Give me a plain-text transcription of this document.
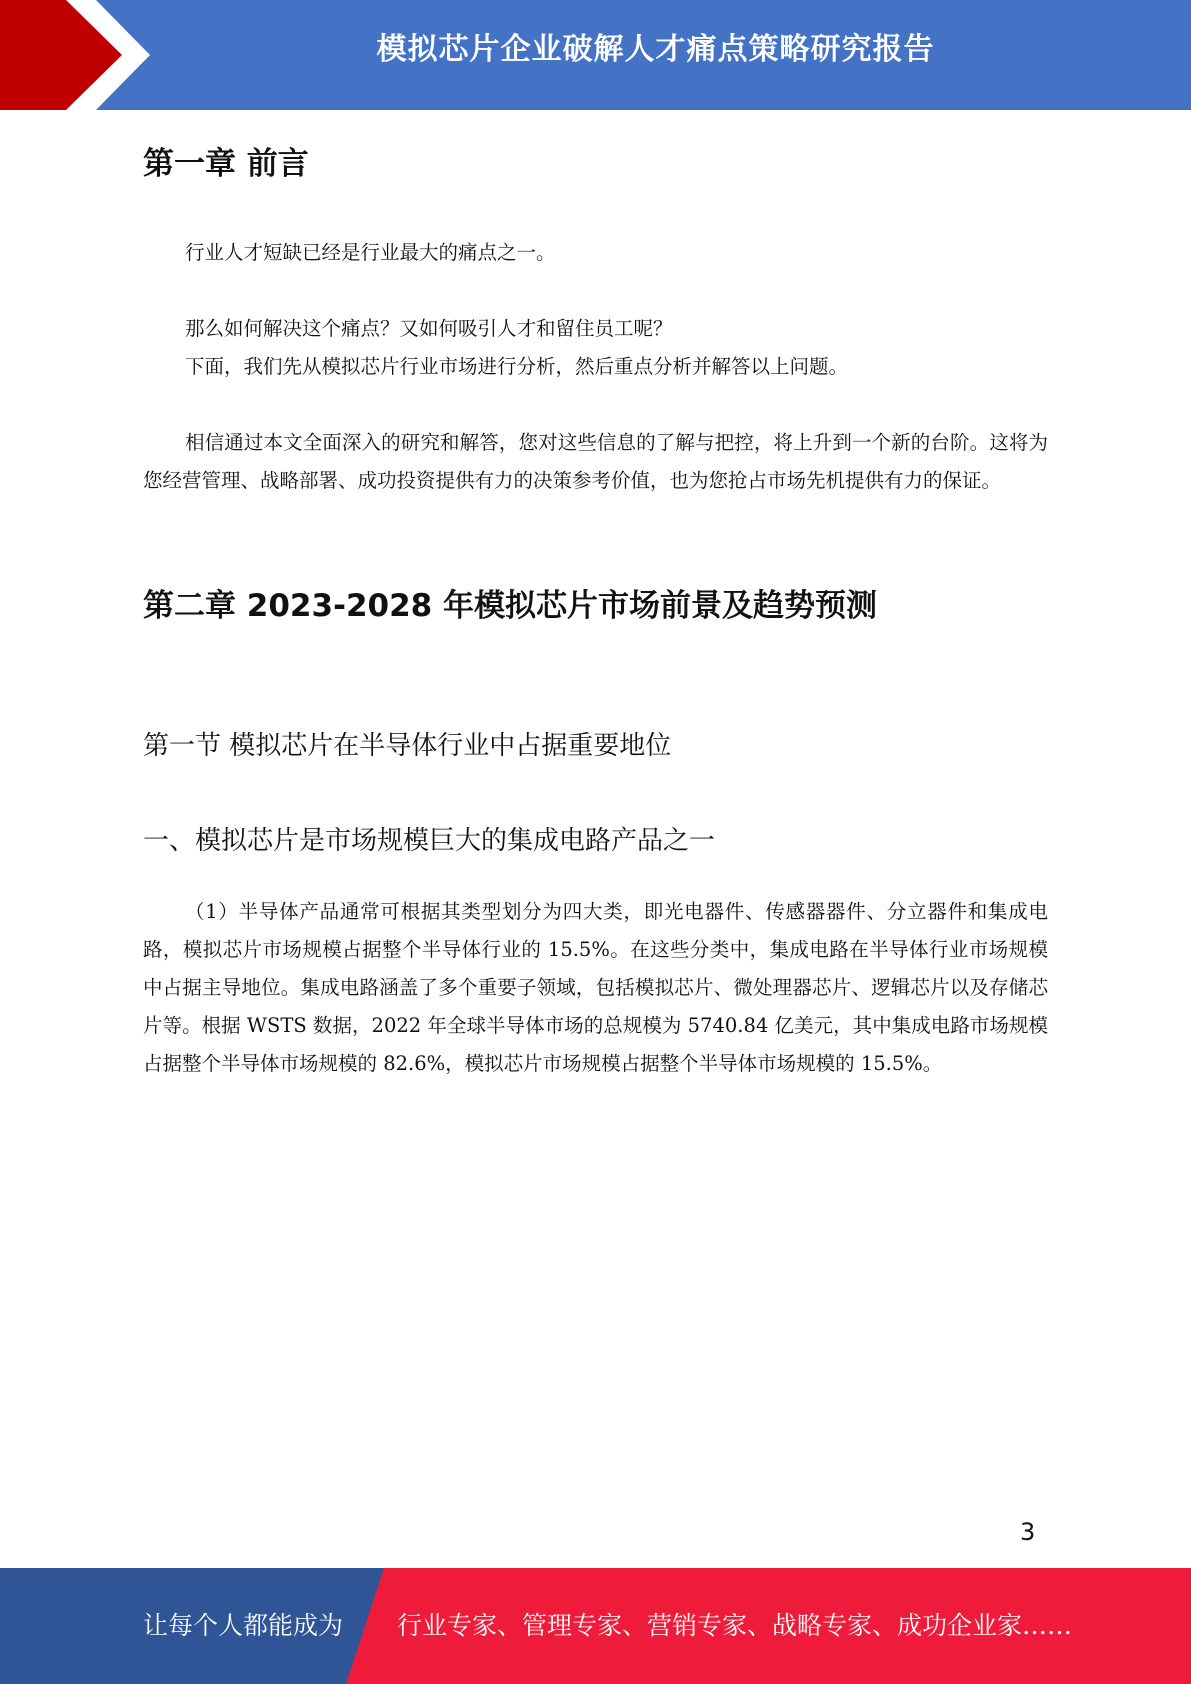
模拟芯片企业破解人才痛点策略研究报告
第一章 前言

行业人才短缺已经是行业最大的痛点之一。

那么如何解决这个痛点？又如何吸引人才和留住员工呢？

下面，我们先从模拟芯片行业市场进行分析，然后重点分析并解答以上问题。

相信通过本文全面深入的研究和解答，您对这些信息的了解与把控，将上升到一个新的台阶。这将为您经营管理、战略部署、成功投资提供有力的决策参考价值，也为您抢占市场先机提供有力的保证。

第二章 2023-2028 年模拟芯片市场前景及趋势预测
第一节 模拟芯片在半导体行业中占据重要地位
一、模拟芯片是市场规模巨大的集成电路产品之一

（1）半导体产品通常可根据其类型划分为四大类，即光电器件、传感器器件、分立器件和集成电路，模拟芯片市场规模占据整个半导体行业的 15.5%。在这些分类中，集成电路在半导体行业市场规模中占据主导地位。集成电路涵盖了多个重要子领域，包括模拟芯片、微处理器芯片、逻辑芯片以及存储芯片等。根据 WSTS 数据，2022 年全球半导体市场的总规模为 5740.84 亿美元，其中集成电路市场规模占据整个半导体市场规模的 82.6%，模拟芯片市场规模占据整个半导体市场规模的 15.5%。

3
让每个人都能成为 行业专家、管理专家、营销专家、战略专家、成功企业家……
